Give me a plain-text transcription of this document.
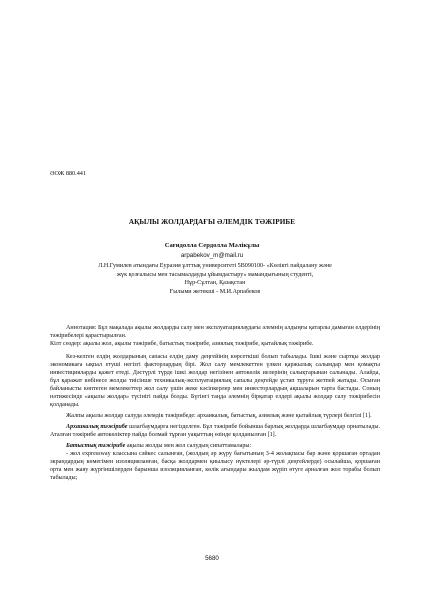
ӘОЖ 880.441
АҚЫЛЫ ЖОЛДАРДАҒЫ ӘЛЕМДІК ТӘЖІРИБЕ
Сағидолла Сердолла Мәлікұлы
arpabekov_m@mail.ru
Л.Н.Гумилев атындағы Еуразия ұлттық университеті 5В090100- «Көлікті пайдалану және
жүк қозғалысы мен тасымалдауды ұйымдастыру» мамандығының студенті,
Нұр-Сұлтан, Қазақстан
Ғылыми жетекші - М.И.Арпабеков

Аннотация: Бұл мақалада ақылы жолдарды салу мен эксплуатациялаудағы әлемнің алдыңғы қатарлы дамыған елдерінің тәжірибелері қарастырылған.

Кілт сөздер: ақылы жол, ақылы тәжірибе, батыстық тәжірибе, азиялық тәжірибе, қытайлық тәжірибе.

Кез-келген елдің жолдарының сапасы елдің даму деңгейінің көрсеткіші болып табылады. Ішкі және сыртқы жолдар экономикаға ықпал етуші негізгі факторлардың бірі. Жол салу мемлекеттен үлкен қаржылық салымдар мен қомақты инвестицияларды қажет етеді. Дәстүрлі түрде ішкі жолдар негізінен автокөлік иелерінің салықтарынан салынады. Алайда, бұл қаражат көбінесе жолды тиісінше техникалық-эксплуатациялық сапалы деңгейде ұстап тұруға жетпей жатады. Осыған байланысты көптеген мемлекеттер жол салу үшін жеке кәсіпкерлер мен инвесторлардың ақшаларын тарта бастады. Соның нәтижесінде «ақылы жолдар» түсінігі пайда болды. Бүгінгі таңда әлемнің бірқатар елдері ақылы жолдар салу тәжірибесін қолданады.

Жалпы ақылы жолдар салуда әлемдік тәжірибеде: архаикалық, батыстық, азиялық және қытайлық түрлері белгілі [1].

Архаикалық тәжірибе шлагбаумдарға негізделген. Бұл тәжірибе бойынша барлық жолдарда шлагбаумдар орнатылады. Аталған тәжірибе автокөліктер пайда болмай тұрған уақыттың өзінде қолданылған [1].

Батыстық тәжірибе ақылы жолды мен жол салудың сипаттамалары:

- жол expressway классына сәйкес салынған, (жолдың әр жүру бағытының 3-4 жолақпасы бар және қоршаған ортадан экрандардың көмегімен изоляцияланған, басқа жолдармен қиылысу нүктелері әр-түрлі деңгейлерде) осылайша, қоршаған орта мен жаяу жүргіншілерден барынша изоляцияланған, көлік ағындары жылдам жүріп өтуге арналған жол торабы болып табылады;

5680
